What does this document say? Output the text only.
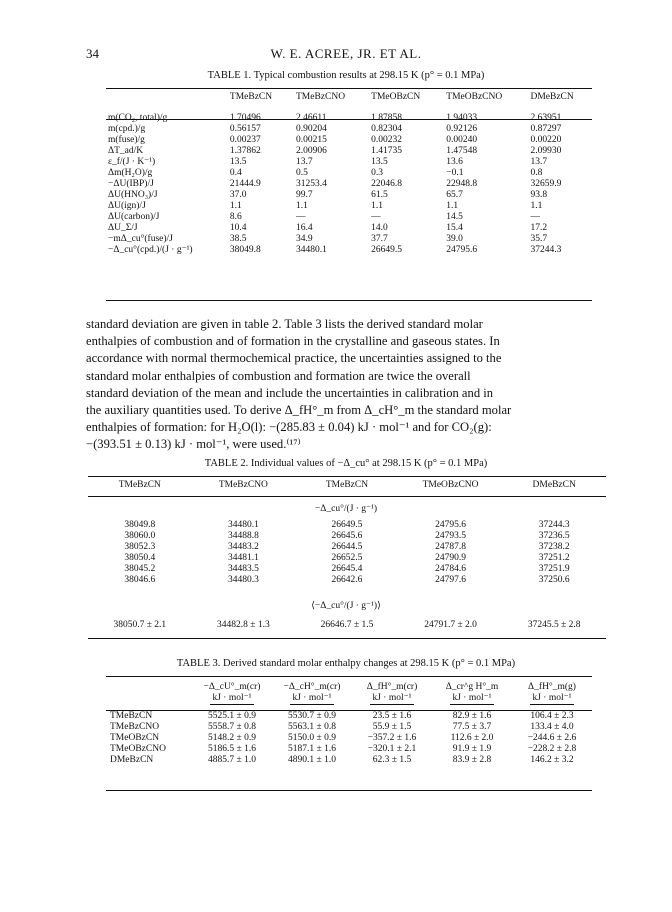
34	W. E. ACREE, JR. ET AL.
TABLE 1. Typical combustion results at 298.15 K (p° = 0.1 MPa)
	TMeBzCN	TMeBzCNO	TMeOBzCN	TMeOBzCNO	DMeBzCN
m(CO₂, total)/g	1.70496	2.46611	1.87858	1.94033	2.63951
m(cpd.)/g	0.56157	0.90204	0.82304	0.92126	0.87297
m(fuse)/g	0.00237	0.00215	0.00232	0.00240	0.00220
ΔT_ad/K	1.37862	2.00906	1.41735	1.47548	2.09930
ε_f/(J · K⁻¹)	13.5	13.7	13.5	13.6	13.7
Δm(H₂O)/g	0.4	0.5	0.3	−0.1	0.8
−ΔU(IBP)/J	21444.9	31253.4	22046.8	22948.8	32659.9
ΔU(HNO₃)/J	37.0	99.7	61.5	65.7	93.8
ΔU(ign)/J	1.1	1.1	1.1	1.1	1.1
ΔU(carbon)/J	8.6	—	—	14.5	—
ΔU_Σ/J	10.4	16.4	14.0	15.4	17.2
−mΔ_cu°(fuse)/J	38.5	34.9	37.7	39.0	35.7
−Δ_cu°(cpd.)/(J · g⁻¹)	38049.8	34480.1	26649.5	24795.6	37244.3

standard deviation are given in table 2. Table 3 lists the derived standard molar

enthalpies of combustion and of formation in the crystalline and gaseous states. In

accordance with normal thermochemical practice, the uncertainties assigned to the

standard molar enthalpies of combustion and formation are twice the overall

standard deviation of the mean and include the uncertainties in calibration and in

the auxiliary quantities used. To derive Δ_fH°_m from Δ_cH°_m the standard molar

enthalpies of formation: for H₂O(l): −(285.83 ± 0.04) kJ · mol⁻¹ and for CO₂(g):

−(393.51 ± 0.13) kJ · mol⁻¹, were used.⁽¹⁷⁾

TABLE 2. Individual values of −Δ_cu° at 298.15 K (p° = 0.1 MPa)
TMeBzCN	TMeBzCNO	TMeBzCN	TMeOBzCNO	DMeBzCN
−Δ_cu°/(J · g⁻¹)
38049.8	34480.1	26649.5	24795.6	37244.3
38060.0	34488.8	26645.6	24793.5	37236.5
38052.3	34483.2	26644.5	24787.8	37238.2
38050.4	34481.1	26652.5	24790.9	37251.2
38045.2	34483.5	26645.4	24784.6	37251.9
38046.6	34480.3	26642.6	24797.6	37250.6
⟨−Δ_cu°/(J · g⁻¹)⟩
38050.7 ± 2.1	34482.8 ± 1.3	26646.7 ± 1.5	24791.7 ± 2.0	37245.5 ± 2.8
TABLE 3. Derived standard molar enthalpy changes at 298.15 K (p° = 0.1 MPa)
	−Δ_cU°_m(cr)	−Δ_cH°_m(cr)	Δ_fH°_m(cr)	Δ_cr^g H°_m	Δ_fH°_m(g)
	kJ · mol⁻¹	kJ · mol⁻¹	kJ · mol⁻¹	kJ · mol⁻¹	kJ · mol⁻¹
TMeBzCN	5525.1 ± 0.9	5530.7 ± 0.9	23.5 ± 1.6	82.9 ± 1.6	106.4 ± 2.3
TMeBzCNO	5558.7 ± 0.8	5563.1 ± 0.8	55.9 ± 1.5	77.5 ± 3.7	133.4 ± 4.0
TMeOBzCN	5148.2 ± 0.9	5150.0 ± 0.9	−357.2 ± 1.6	112.6 ± 2.0	−244.6 ± 2.6
TMeOBzCNO	5186.5 ± 1.6	5187.1 ± 1.6	−320.1 ± 2.1	91.9 ± 1.9	−228.2 ± 2.8
DMeBzCN	4885.7 ± 1.0	4890.1 ± 1.0	62.3 ± 1.5	83.9 ± 2.8	146.2 ± 3.2
